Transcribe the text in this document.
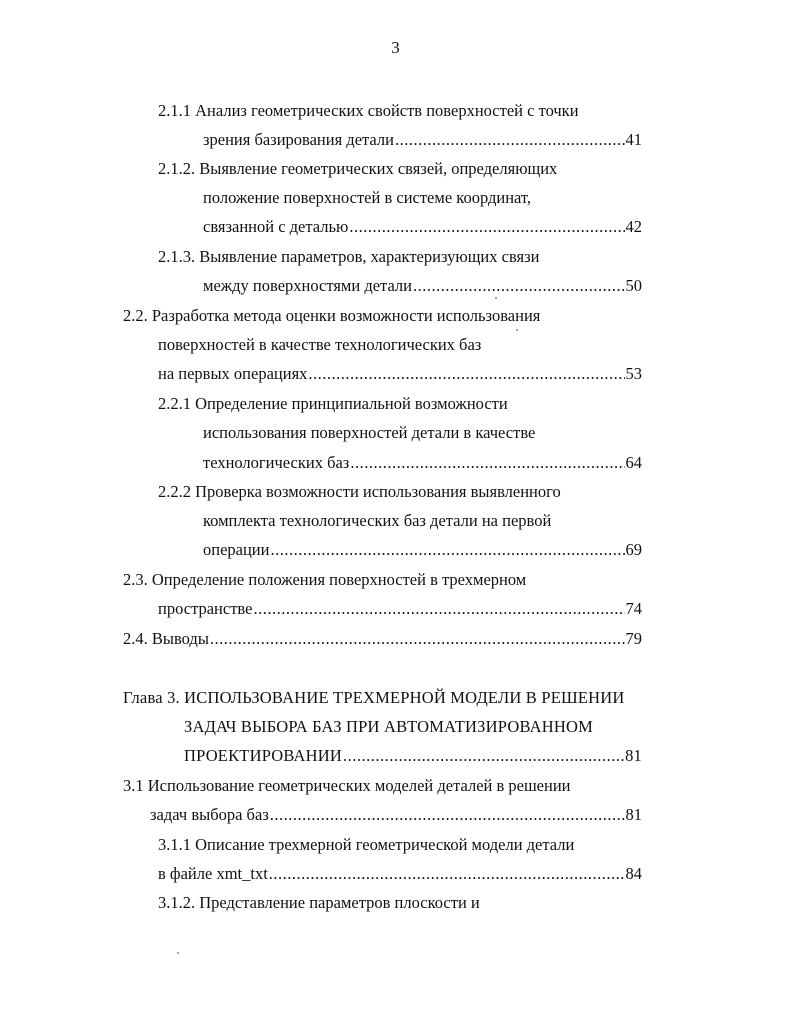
3
2.1.1 Анализ геометрических свойств поверхностей с точки
зрения базирования детали .....	41
2.1.2. Выявление геометрических связей, определяющих
положение поверхностей в системе координат,
связанной с деталью .....	42
2.1.3. Выявление параметров, характеризующих связи
между поверхностями детали .....	50
2.2. Разработка метода оценки возможности использования
поверхностей в качестве технологических баз
на первых операциях .....	53
2.2.1 Определение принципиальной возможности
использования поверхностей детали в качестве
технологических баз .....	64
2.2.2 Проверка возможности использования выявленного
комплекта технологических баз детали на первой
операции .....	69
2.3. Определение положения поверхностей в трехмерном
пространстве .....	74
2.4. Выводы .....	79
Глава 3. ИСПОЛЬЗОВАНИЕ ТРЕХМЕРНОЙ МОДЕЛИ В РЕШЕНИИ
ЗАДАЧ ВЫБОРА БАЗ ПРИ АВТОМАТИЗИРОВАННОМ
ПРОЕКТИРОВАНИИ .....	81
3.1 Использование геометрических моделей деталей в решении
задач выбора баз .....	81
3.1.1 Описание трехмерной геометрической модели детали
в файле xmt_txt .....	84
3.1.2. Представление параметров плоскости и
